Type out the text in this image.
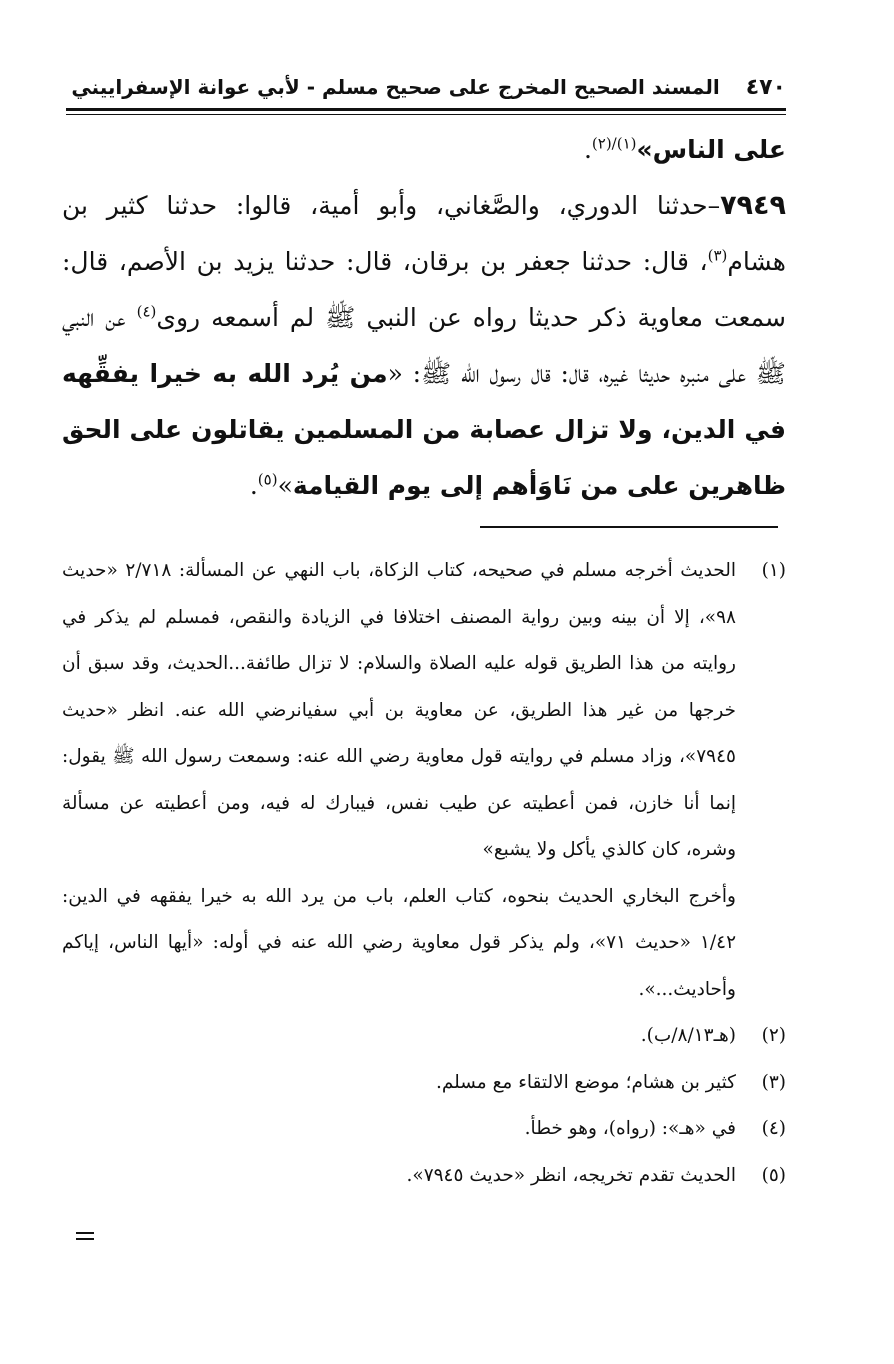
٤٧٠
المسند الصحيح المخرج على صحيح مسلم - لأبي عوانة الإسفراييني

على الناس»$^{(١)/(٢)}$.

٧٩٤٩–حدثنا الدوري، والصَّغاني، وأبو أمية، قالوا: حدثنا كثير بن هشام$^{(٣)}$، قال: حدثنا جعفر بن برقان، قال: حدثنا يزيد بن الأصم، قال: سمعت معاوية ذكر حديثا رواه عن النبي ﷺ لم أسمعه روى$^{(٤)}$ عن النبي ﷺ على منبره حديثا غيره، قال: قال رسول الله ﷺ: «من يُرد الله به خيرا يفقِّهه في الدين، ولا تزال عصابة من المسلمين يقاتلون على الحق ظاهرين على من نَاوَأهم إلى يوم القيامة»$^{(٥)}$.

(١)
الحديث أخرجه مسلم في صحيحه، كتاب الزكاة، باب النهي عن المسألة: ٢/٧١٨ «حديث ٩٨»، إلا أن بينه وبين رواية المصنف اختلافا في الزيادة والنقص، فمسلم لم يذكر في روايته من هذا الطريق قوله عليه الصلاة والسلام: لا تزال طائفة...الحديث، وقد سبق أن خرجها من غير هذا الطريق، عن معاوية بن أبي سفيانرضي الله عنه. انظر «حديث ٧٩٤٥»، وزاد مسلم في روايته قول معاوية رضي الله عنه: وسمعت رسول الله ﷺ يقول: إنما أنا خازن، فمن أعطيته عن طيب نفس، فيبارك له فيه، ومن أعطيته عن مسألة وشره، كان كالذي يأكل ولا يشبع»

وأخرج البخاري الحديث بنحوه، كتاب العلم، باب من يرد الله به خيرا يفقهه في الدين: ١/٤٢ «حديث ٧١»، ولم يذكر قول معاوية رضي الله عنه في أوله: «أيها الناس، إياكم وأحاديث...».

(٢)
(هـ٨/١٣/ب).
(٣)
كثير بن هشام؛ موضع الالتقاء مع مسلم.
(٤)
في «هـ»: (رواه)، وهو خطأ.
(٥)
الحديث تقدم تخريجه، انظر «حديث ٧٩٤٥».
